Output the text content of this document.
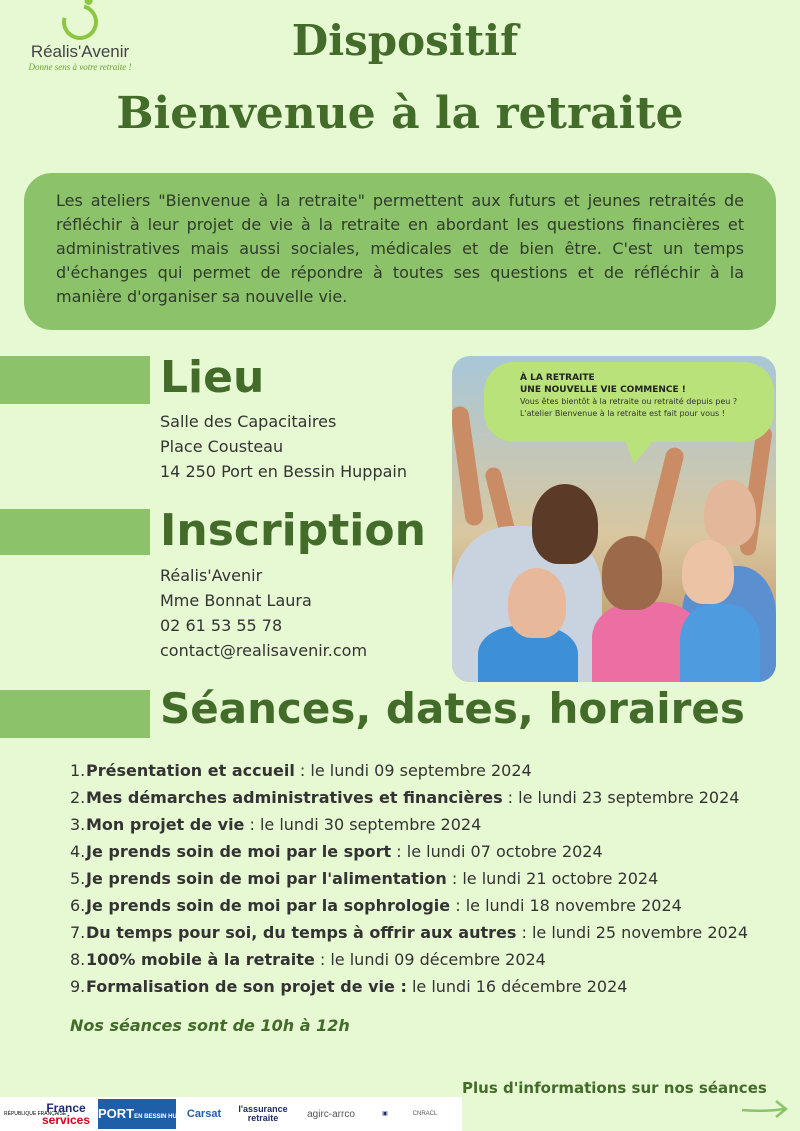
Réalis'Avenir
Donne sens à votre retraite !
Dispositif
Bienvenue à la retraite
Les ateliers "Bienvenue à la retraite" permettent aux futurs et jeunes retraités de réfléchir à leur projet de vie à la retraite en abordant les questions financières et administratives mais aussi sociales, médicales et de bien être. C'est un temps d'échanges qui permet de répondre à toutes ses questions et de réfléchir à la manière d'organiser sa nouvelle vie.
Lieu
Salle des Capacitaires
Place Cousteau
14 250 Port en Bessin Huppain
Inscription
Réalis'Avenir
Mme Bonnat Laura
02 61 53 55 78
contact@realisavenir.com
À LA RETRAITE
UNE NOUVELLE VIE COMMENCE !
Vous êtes bientôt à la retraite ou retraité depuis peu ?
L'atelier Bienvenue à la retraite est fait pour vous !
Séances, dates, horaires
1.Présentation et accueil : le lundi 09 septembre 2024
2.Mes démarches administratives et financières : le lundi 23 septembre 2024
3.Mon projet de vie : le lundi 30 septembre 2024
4.Je prends soin de moi par le sport : le lundi 07 octobre 2024
5.Je prends soin de moi par l'alimentation : le lundi 21 octobre 2024
6.Je prends soin de moi par la sophrologie : le lundi 18 novembre 2024
7.Du temps pour soi, du temps à offrir aux autres : le lundi 25 novembre 2024
8.100% mobile à la retraite : le lundi 09 décembre 2024
9.Formalisation de son projet de vie : le lundi 16 décembre 2024
Nos séances sont de 10h à 12h
Plus d'informations sur nos séances
RÉPUBLIQUE FRANÇAISE
France
services PORTEN BESSIN HUPPAIN
Carsat	l'assurance
retraite	agirc-arrco	▣	CNRACL
